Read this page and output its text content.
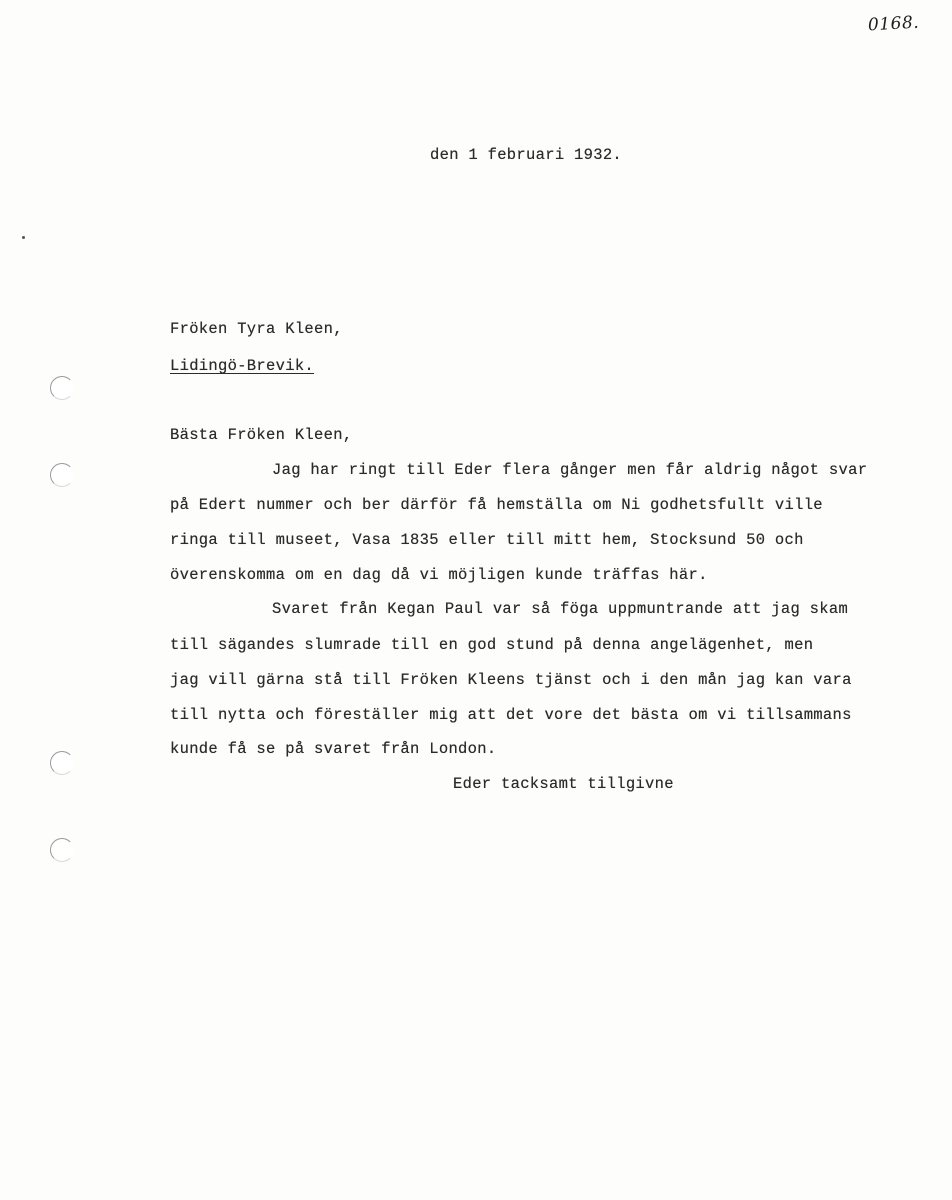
0168.
den 1 februari 1932.
Fröken Tyra Kleen,
Lidingö-Brevik.
Bästa Fröken Kleen,
Jag har ringt till Eder flera gånger men får aldrig något svar
på Edert nummer och ber därför få hemställa om Ni godhetsfullt ville
ringa till museet, Vasa 1835 eller till mitt hem, Stocksund 50 och
överenskomma om en dag då vi möjligen kunde träffas här.
Svaret från Kegan Paul var så föga uppmuntrande att jag skam
till sägandes slumrade till en god stund på denna angelägenhet, men
jag vill gärna stå till Fröken Kleens tjänst och i den mån jag kan vara
till nytta och föreställer mig att det vore det bästa om vi tillsammans
kunde få se på svaret från London.
Eder tacksamt tillgivne
